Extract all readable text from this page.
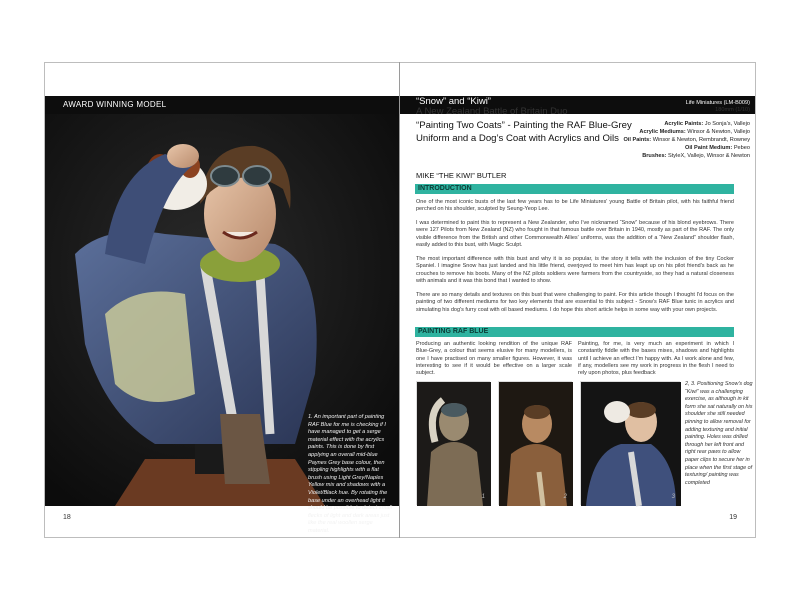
AWARD WINNING MODEL
1. An important part of painting RAF Blue for me is checking if I have managed to get a serge material effect with the acrylics paints. This is done by first applying an overall mid-blue Paynes Grey base colour, then stippling highlights with a flat brush using Light Grey/Naples Yellow mix and shadows with a Violet/Black hue. By rotating the base under an overhead light it should be possible to detect small flecks of light and dark areas just like the real woollen serge material.
18
“Snow” and “Kiwi”
A New Zealand Battle of Britain Duo
Life Miniatures (LM-B009)
180mm (1/10)
“Painting Two Coats” - Painting the RAF Blue-Grey Uniform and a Dog’s Coat with Acrylics and Oils
Acrylic Paints: Jo Sonja’s, Vallejo
Acrylic Mediums: Winsor & Newton, Vallejo
Oil Paints: Winsor & Newton, Rembrandt, Rowney
Oil Paint Medium: Pebeo
Brushes: StyleX, Vallejo, Winsor & Newton
MIKE “THE KIWI” BUTLER
INTRODUCTION
One of the most iconic busts of the last few years has to be Life Miniatures' young Battle of Britain pilot, with his faithful friend perched on his shoulder, sculpted by Seung-Yeop Lee.
I was determined to paint this to represent a New Zealander, who I've nicknamed “Snow” because of his blond eyebrows. There were 127 Pilots from New Zealand (NZ) who fought in that famous battle over Britain in 1940, mostly as part of the RAF. The only visible difference from the British and other Commonwealth Allies' uniforms, was the addition of a “New Zealand” shoulder flash, easily added to this bust, with Magic Sculpt.
The most important difference with this bust and why it is so popular, is the story it tells with the inclusion of the tiny Cocker Spaniel. I imagine Snow has just landed and his little friend, overjoyed to meet him has leapt up on his pilot friend's back as he crouches to remove his boots. Many of the NZ pilots soldiers were farmers from the countryside, so they had a natural closeness with animals and it was this bond that I wanted to show.
There are so many details and textures on this bust that were challenging to paint. For this article though I thought I'd focus on the painting of two different mediums for two key elements that are essential to this subject - Snow's RAF Blue tunic in acrylics and simulating his dog's furry coat with oil based mediums. I do hope this short article helps in some way with your own projects.
PAINTING RAF BLUE
Producing an authentic looking rendition of the unique RAF Blue-Grey, a colour that seems elusive for many modellers, is one I have practised on many smaller figures. However, it was interesting to see if it would be effective on a larger scale subject.
Painting, for me, is very much an experiment in which I constantly fiddle with the bases mixes, shadows and highlights until I achieve an effect I'm happy with. As I work alone and few, if any, modellers see my work in progress in the flesh I need to rely upon photos, plus feedback
1	2	3
2, 3. Positioning Snow's dog “Kiwi” was a challenging exercise, as although in kit form she sat naturally on his shoulder she still needed pinning to allow removal for adding texturing and initial painting. Holes was drilled through her left front and right rear paws to allow paper clips to secure her in place when the first stage of texturing/ painting was completed
19
